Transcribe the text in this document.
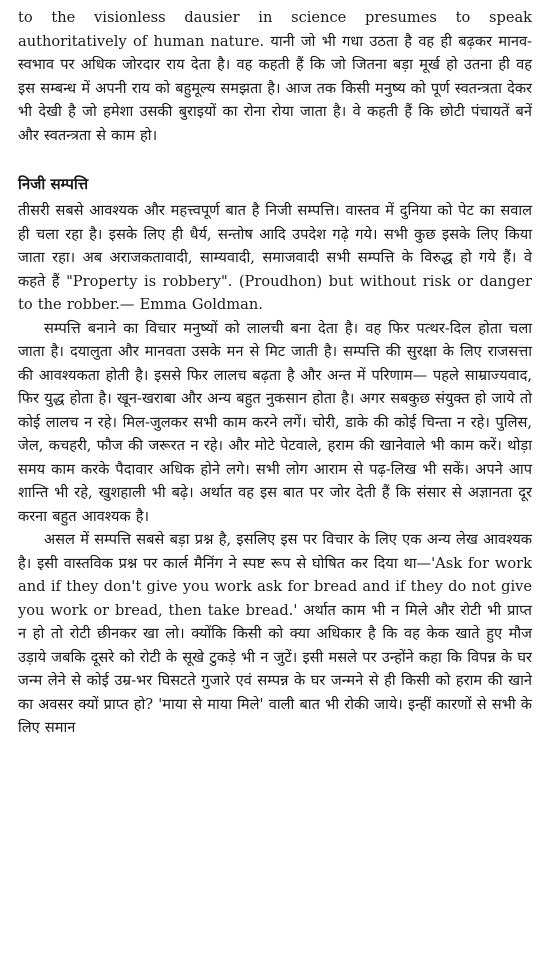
to the visionless dausier in science presumes to speak authoritatively of human nature. यानी जो भी गधा उठता है वह ही बढ़कर मानव-स्वभाव पर अधिक जोरदार राय देता है। वह कहती हैं कि जो जितना बड़ा मूर्ख हो उतना ही वह इस सम्बन्ध में अपनी राय को बहुमूल्य समझता है। आज तक किसी मनुष्य को पूर्ण स्वतन्त्रता देकर भी देखी है जो हमेशा उसकी बुराइयों का रोना रोया जाता है। वे कहती हैं कि छोटी पंचायतें बनें और स्वतन्त्रता से काम हो।

निजी सम्पत्ति

तीसरी सबसे आवश्यक और महत्त्वपूर्ण बात है निजी सम्पत्ति। वास्तव में दुनिया को पेट का सवाल ही चला रहा है। इसके लिए ही धैर्य, सन्तोष आदि उपदेश गढ़े गये। सभी कुछ इसके लिए किया जाता रहा। अब अराजकतावादी, साम्यवादी, समाजवादी सभी सम्पत्ति के विरुद्ध हो गये हैं। वे कहते हैं "Property is robbery". (Proudhon) but without risk or danger to the robber.— Emma Goldman.

सम्पत्ति बनाने का विचार मनुष्यों को लालची बना देता है। वह फिर पत्थर-दिल होता चला जाता है। दयालुता और मानवता उसके मन से मिट जाती है। सम्पत्ति की सुरक्षा के लिए राजसत्ता की आवश्यकता होती है। इससे फिर लालच बढ़ता है और अन्त में परिणाम— पहले साम्राज्यवाद, फिर युद्ध होता है। खून-खराबा और अन्य बहुत नुकसान होता है। अगर सबकुछ संयुक्त हो जाये तो कोई लालच न रहे। मिल-जुलकर सभी काम करने लगें। चोरी, डाके की कोई चिन्ता न रहे। पुलिस, जेल, कचहरी, फौज की जरूरत न रहे। और मोटे पेटवाले, हराम की खानेवाले भी काम करें। थोड़ा समय काम करके पैदावार अधिक होने लगे। सभी लोग आराम से पढ़-लिख भी सकें। अपने आप शान्ति भी रहे, खुशहाली भी बढ़े। अर्थात वह इस बात पर जोर देती हैं कि संसार से अज्ञानता दूर करना बहुत आवश्यक है।

असल में सम्पत्ति सबसे बड़ा प्रश्न है, इसलिए इस पर विचार के लिए एक अन्य लेख आवश्यक है। इसी वास्तविक प्रश्न पर कार्ल मैनिंग ने स्पष्ट रूप से घोषित कर दिया था—'Ask for work and if they don't give you work ask for bread and if they do not give you work or bread, then take bread.' अर्थात काम भी न मिले और रोटी भी प्राप्त न हो तो रोटी छीनकर खा लो। क्योंकि किसी को क्या अधिकार है कि वह केक खाते हुए मौज उड़ाये जबकि दूसरे को रोटी के सूखे टुकड़े भी न जुटें। इसी मसले पर उन्होंने कहा कि विपन्न के घर जन्म लेने से कोई उम्र-भर घिसटते गुजारे एवं सम्पन्न के घर जन्मने से ही किसी को हराम की खाने का अवसर क्यों प्राप्त हो? 'माया से माया मिले' वाली बात भी रोकी जाये। इन्हीं कारणों से सभी के लिए समान
